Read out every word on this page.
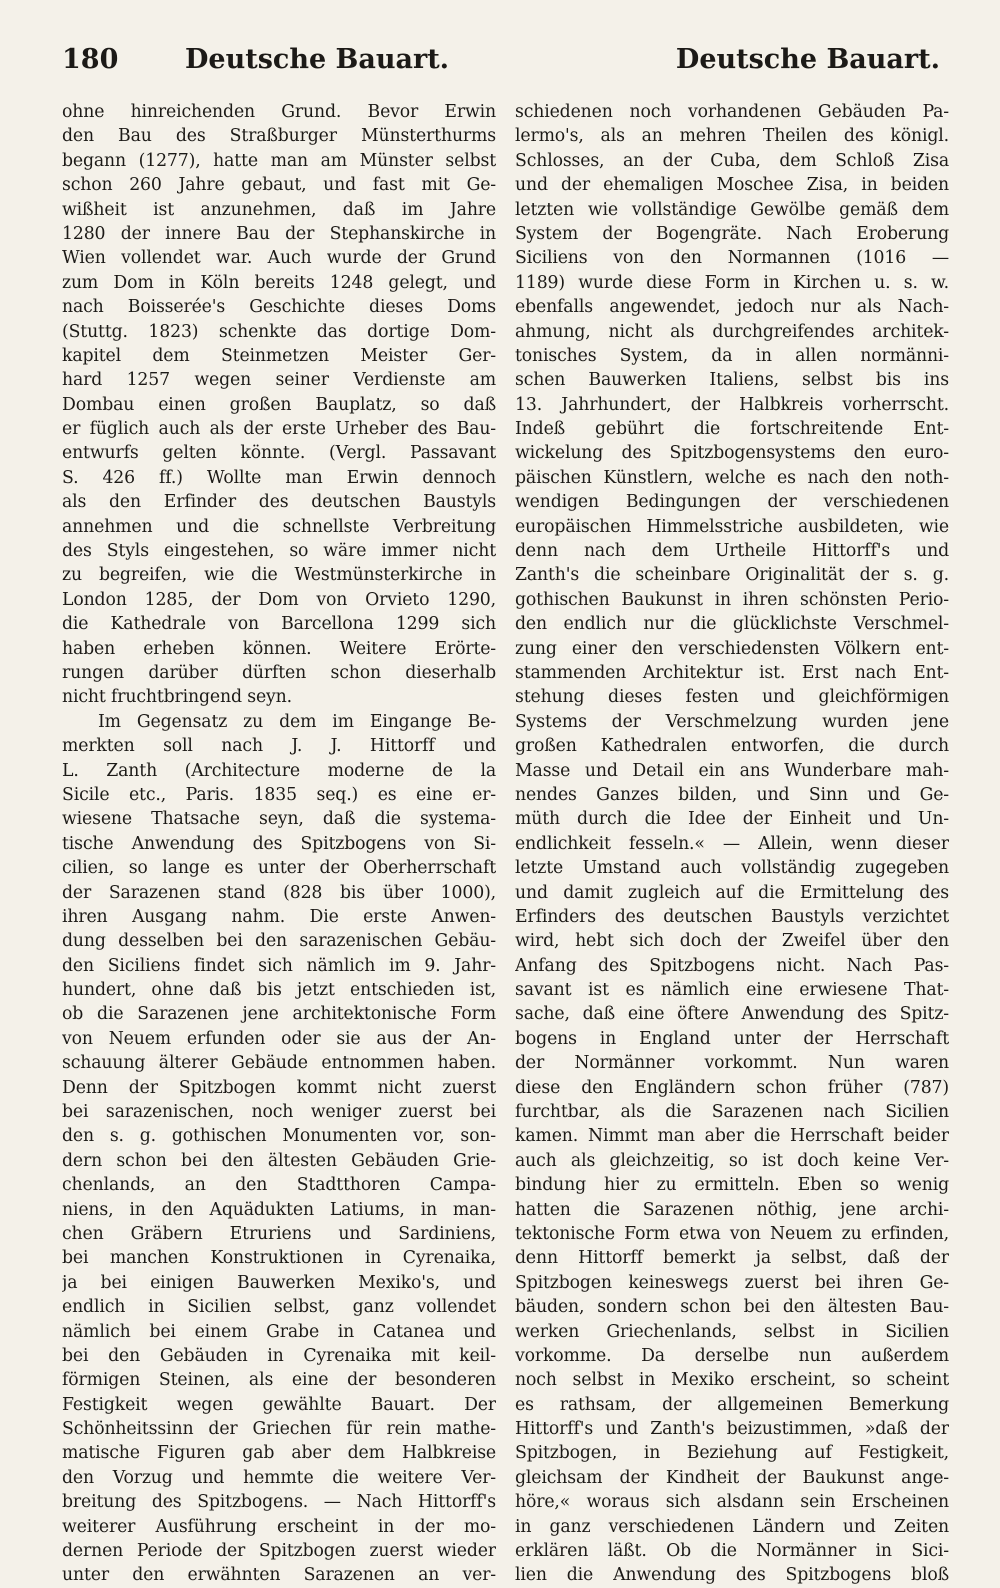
180 Deutsche Bauart.	Deutsche Bauart.
ohne hinreichenden Grund. Bevor Erwin
den Bau des Straßburger Münsterthurms
begann (1277), hatte man am Münster selbst
schon 260 Jahre gebaut, und fast mit Ge-
wißheit ist anzunehmen, daß im Jahre
1280 der innere Bau der Stephanskirche in
Wien vollendet war. Auch wurde der Grund
zum Dom in Köln bereits 1248 gelegt, und
nach Boisserée's Geschichte dieses Doms
(Stuttg. 1823) schenkte das dortige Dom-
kapitel dem Steinmetzen Meister Ger-
hard 1257 wegen seiner Verdienste am
Dombau einen großen Bauplatz, so daß
er füglich auch als der erste Urheber des Bau-
entwurfs gelten könnte. (Vergl. Passavant
S. 426 ff.) Wollte man Erwin dennoch
als den Erfinder des deutschen Baustyls
annehmen und die schnellste Verbreitung
des Styls eingestehen, so wäre immer nicht
zu begreifen, wie die Westmünsterkirche in
London 1285, der Dom von Orvieto 1290,
die Kathedrale von Barcellona 1299 sich
haben erheben können. Weitere Erörte-
rungen darüber dürften schon dieserhalb
nicht fruchtbringend seyn.
Im Gegensatz zu dem im Eingange Be-
merkten soll nach J. J. Hittorff und
L. Zanth (Architecture moderne de la
Sicile etc., Paris. 1835 seq.) es eine er-
wiesene Thatsache seyn, daß die systema-
tische Anwendung des Spitzbogens von Si-
cilien, so lange es unter der Oberherrschaft
der Sarazenen stand (828 bis über 1000),
ihren Ausgang nahm. Die erste Anwen-
dung desselben bei den sarazenischen Gebäu-
den Siciliens findet sich nämlich im 9. Jahr-
hundert, ohne daß bis jetzt entschieden ist,
ob die Sarazenen jene architektonische Form
von Neuem erfunden oder sie aus der An-
schauung älterer Gebäude entnommen haben.
Denn der Spitzbogen kommt nicht zuerst
bei sarazenischen, noch weniger zuerst bei
den s. g. gothischen Monumenten vor, son-
dern schon bei den ältesten Gebäuden Grie-
chenlands, an den Stadtthoren Campa-
niens, in den Aquädukten Latiums, in man-
chen Gräbern Etruriens und Sardiniens,
bei manchen Konstruktionen in Cyrenaika,
ja bei einigen Bauwerken Mexiko's, und
endlich in Sicilien selbst, ganz vollendet
nämlich bei einem Grabe in Catanea und
bei den Gebäuden in Cyrenaika mit keil-
förmigen Steinen, als eine der besonderen
Festigkeit wegen gewählte Bauart. Der
Schönheitssinn der Griechen für rein mathe-
matische Figuren gab aber dem Halbkreise
den Vorzug und hemmte die weitere Ver-
breitung des Spitzbogens. — Nach Hittorff's
weiterer Ausführung erscheint in der mo-
dernen Periode der Spitzbogen zuerst wieder
unter den erwähnten Sarazenen an ver-
schiedenen noch vorhandenen Gebäuden Pa-
lermo's, als an mehren Theilen des königl.
Schlosses, an der Cuba, dem Schloß Zisa
und der ehemaligen Moschee Zisa, in beiden
letzten wie vollständige Gewölbe gemäß dem
System der Bogengräte. Nach Eroberung
Siciliens von den Normannen (1016 —
1189) wurde diese Form in Kirchen u. s. w.
ebenfalls angewendet, jedoch nur als Nach-
ahmung, nicht als durchgreifendes architek-
tonisches System, da in allen normänni-
schen Bauwerken Italiens, selbst bis ins
13. Jahrhundert, der Halbkreis vorherrscht.
Indeß gebührt die fortschreitende Ent-
wickelung des Spitzbogensystems den euro-
päischen Künstlern, welche es nach den noth-
wendigen Bedingungen der verschiedenen
europäischen Himmelsstriche ausbildeten, wie
denn nach dem Urtheile Hittorff's und
Zanth's die scheinbare Originalität der s. g.
gothischen Baukunst in ihren schönsten Perio-
den endlich nur die glücklichste Verschmel-
zung einer den verschiedensten Völkern ent-
stammenden Architektur ist. Erst nach Ent-
stehung dieses festen und gleichförmigen
Systems der Verschmelzung wurden jene
großen Kathedralen entworfen, die durch
Masse und Detail ein ans Wunderbare mah-
nendes Ganzes bilden, und Sinn und Ge-
müth durch die Idee der Einheit und Un-
endlichkeit fesseln.« — Allein, wenn dieser
letzte Umstand auch vollständig zugegeben
und damit zugleich auf die Ermittelung des
Erfinders des deutschen Baustyls verzichtet
wird, hebt sich doch der Zweifel über den
Anfang des Spitzbogens nicht. Nach Pas-
savant ist es nämlich eine erwiesene That-
sache, daß eine öftere Anwendung des Spitz-
bogens in England unter der Herrschaft
der Normänner vorkommt. Nun waren
diese den Engländern schon früher (787)
furchtbar, als die Sarazenen nach Sicilien
kamen. Nimmt man aber die Herrschaft beider
auch als gleichzeitig, so ist doch keine Ver-
bindung hier zu ermitteln. Eben so wenig
hatten die Sarazenen nöthig, jene archi-
tektonische Form etwa von Neuem zu erfinden,
denn Hittorff bemerkt ja selbst, daß der
Spitzbogen keineswegs zuerst bei ihren Ge-
bäuden, sondern schon bei den ältesten Bau-
werken Griechenlands, selbst in Sicilien
vorkomme. Da derselbe nun außerdem
noch selbst in Mexiko erscheint, so scheint
es rathsam, der allgemeinen Bemerkung
Hittorff's und Zanth's beizustimmen, »daß der
Spitzbogen, in Beziehung auf Festigkeit,
gleichsam der Kindheit der Baukunst ange-
höre,« woraus sich alsdann sein Erscheinen
in ganz verschiedenen Ländern und Zeiten
erklären läßt. Ob die Normänner in Sici-
lien die Anwendung des Spitzbogens bloß
